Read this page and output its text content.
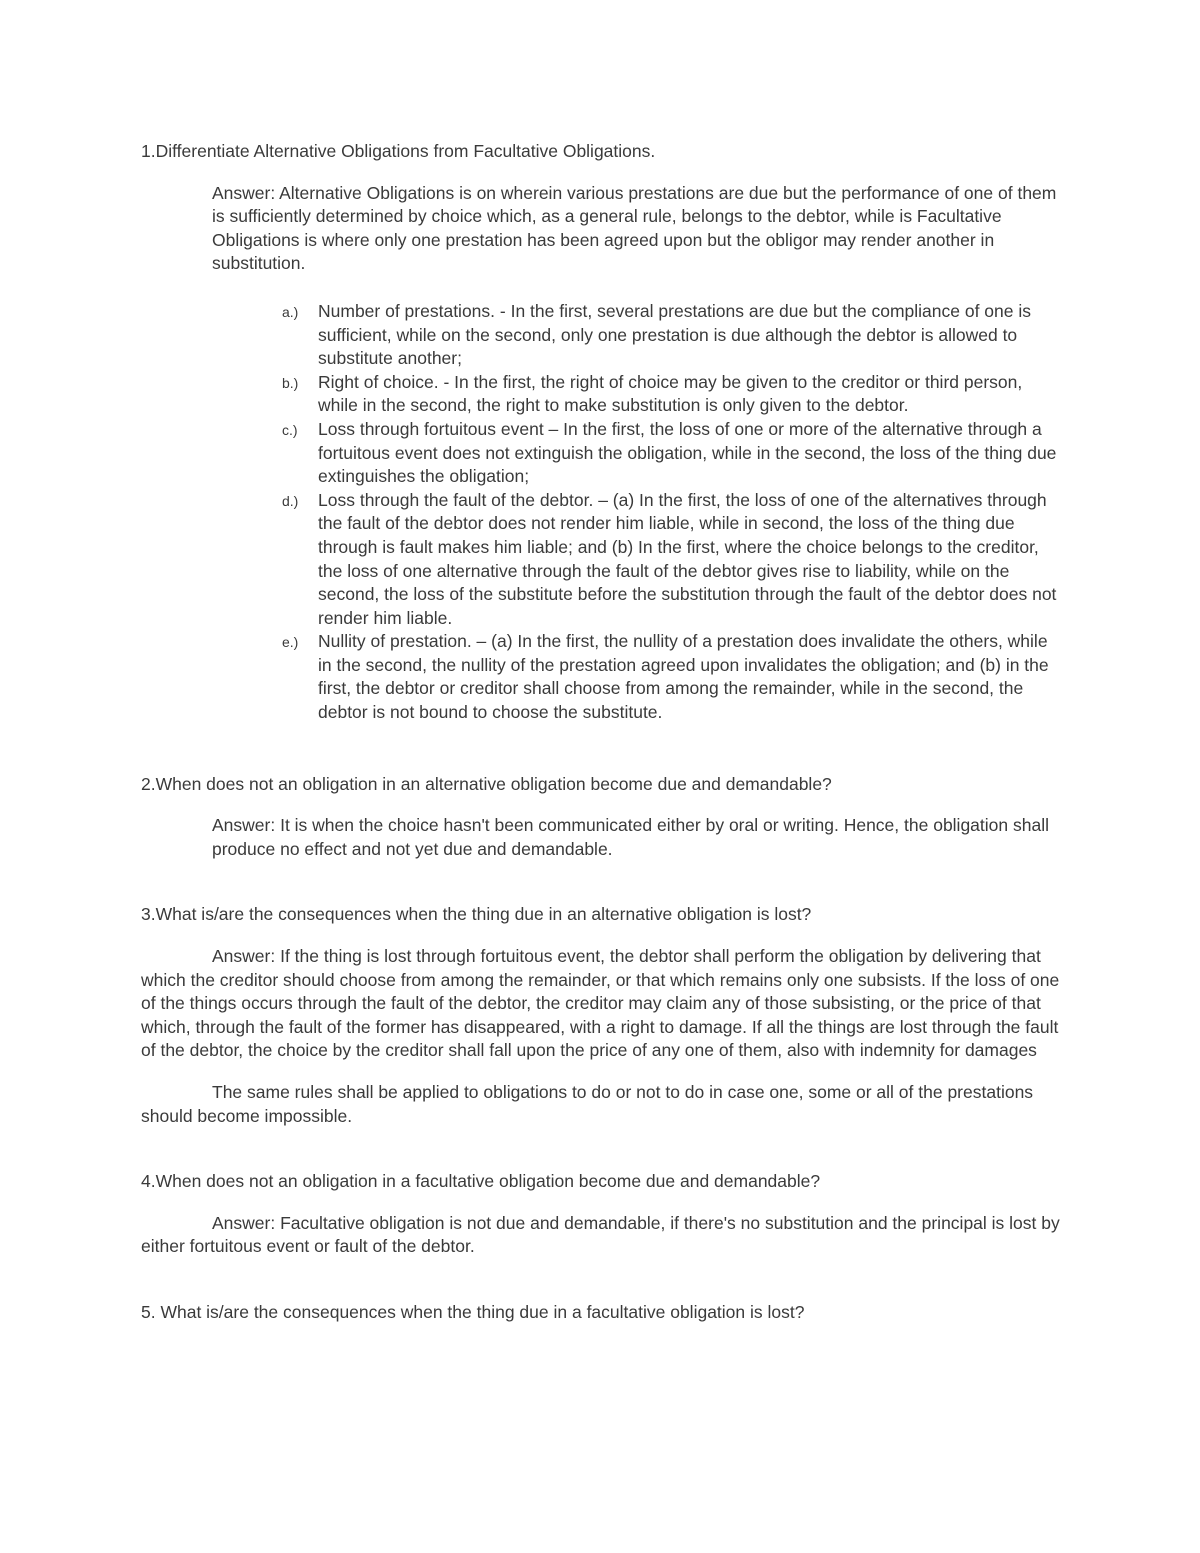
1.Differentiate Alternative Obligations from Facultative Obligations.

Answer: Alternative Obligations is on wherein various prestations are due but the performance of one of them is sufficiently determined by choice which, as a general rule, belongs to the debtor, while is Facultative Obligations is where only one prestation has been agreed upon but the obligor may render another in substitution.

a.) Number of prestations. - In the first, several prestations are due but the compliance of one is sufficient, while on the second, only one prestation is due although the debtor is allowed to substitute another;
b.) Right of choice. - In the first, the right of choice may be given to the creditor or third person, while in the second, the right to make substitution is only given to the debtor.
c.) Loss through fortuitous event – In the first, the loss of one or more of the alternative through a fortuitous event does not extinguish the obligation, while in the second, the loss of the thing due extinguishes the obligation;
d.) Loss through the fault of the debtor. – (a) In the first, the loss of one of the alternatives through the fault of the debtor does not render him liable, while in second, the loss of the thing due through is fault makes him liable; and (b) In the first, where the choice belongs to the creditor, the loss of one alternative through the fault of the debtor gives rise to liability, while on the second, the loss of the substitute before the substitution through the fault of the debtor does not render him liable.
e.) Nullity of prestation. – (a) In the first, the nullity of a prestation does invalidate the others, while in the second, the nullity of the prestation agreed upon invalidates the obligation; and (b) in the first, the debtor or creditor shall choose from among the remainder, while in the second, the debtor is not bound to choose the substitute.

2.When does not an obligation in an alternative obligation become due and demandable?

Answer: It is when the choice hasn't been communicated either by oral or writing. Hence, the obligation shall produce no effect and not yet due and demandable.

3.What is/are the consequences when the thing due in an alternative obligation is lost?

Answer: If the thing is lost through fortuitous event, the debtor shall perform the obligation by delivering that which the creditor should choose from among the remainder, or that which remains only one subsists. If the loss of one of the things occurs through the fault of the debtor, the creditor may claim any of those subsisting, or the price of that which, through the fault of the former has disappeared, with a right to damage. If all the things are lost through the fault of the debtor, the choice by the creditor shall fall upon the price of any one of them, also with indemnity for damages

The same rules shall be applied to obligations to do or not to do in case one, some or all of the prestations should become impossible.

4.When does not an obligation in a facultative obligation become due and demandable?

Answer: Facultative obligation is not due and demandable, if there's no substitution and the principal is lost by either fortuitous event or fault of the debtor.

5. What is/are the consequences when the thing due in a facultative obligation is lost?
